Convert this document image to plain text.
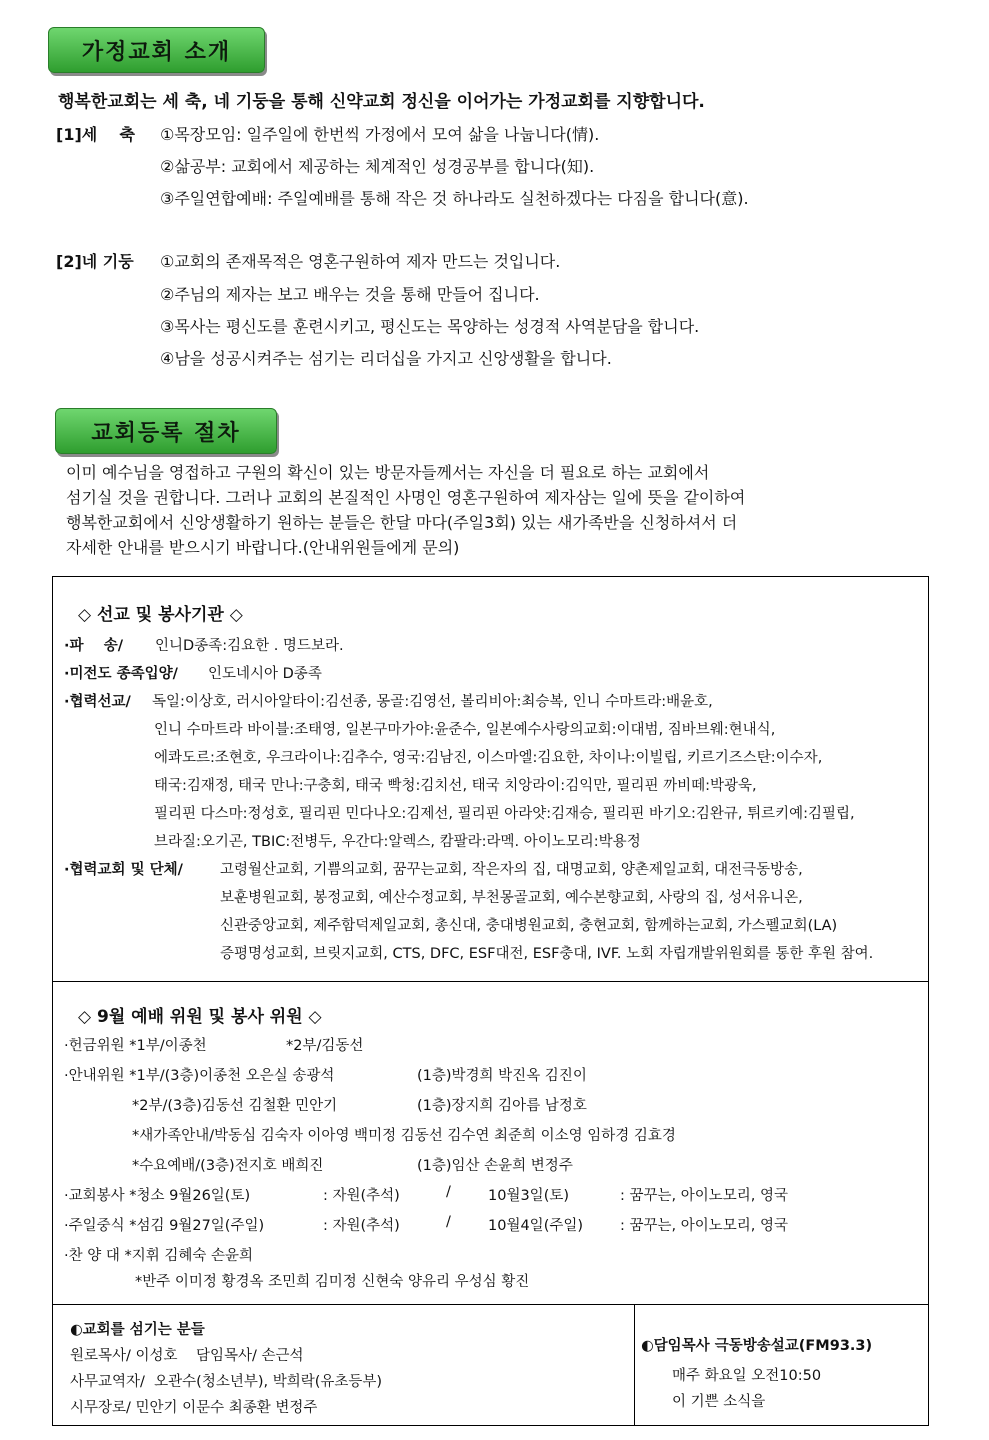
가정교회 소개
행복한교회는 세 축, 네 기둥을 통해 신약교회 정신을 이어가는 가정교회를 지향합니다.
[1]세    축 ①목장모임: 일주일에 한번씩 가정에서 모여 삶을 나눕니다(情).
②삶공부: 교회에서 제공하는 체계적인 성경공부를 합니다(知).
③주일연합예배: 주일예배를 통해 작은 것 하나라도 실천하겠다는 다짐을 합니다(意).
[2]네 기둥 ①교회의 존재목적은 영혼구원하여 제자 만드는 것입니다.
②주님의 제자는 보고 배우는 것을 통해 만들어 집니다.
③목사는 평신도를 훈련시키고, 평신도는 목양하는 성경적 사역분담을 합니다.
④남을 성공시켜주는 섬기는 리더십을 가지고 신앙생활을 합니다.
교회등록 절차
이미 예수님을 영접하고 구원의 확신이 있는 방문자들께서는 자신을 더 필요로 하는 교회에서
섬기실 것을 권합니다. 그러나 교회의 본질적인 사명인 영혼구원하여 제자삼는 일에 뜻을 같이하여
행복한교회에서 신앙생활하기 원하는 분들은 한달 마다(주일3회) 있는 새가족반을 신청하셔서 더
자세한 안내를 받으시기 바랍니다.(안내위원들에게 문의)
◇ 선교 및 봉사기관 ◇
·파    송/ 인니D종족:김요한 . 명드보라.
·미전도 종족입양/ 인도네시아 D종족
·협력선교/ 독일:이상호, 러시아알타이:김선종, 몽골:김영선, 볼리비아:최승복, 인니 수마트라:배윤호,
인니 수마트라 바이블:조태영, 일본구마가야:윤준수, 일본예수사랑의교회:이대범, 짐바브웨:현내식,
에콰도르:조현호, 우크라이나:김추수, 영국:김남진, 이스마엘:김요한, 차이나:이빌립, 키르기즈스탄:이수자,
태국:김재정, 태국 만나:구충회, 태국 빡청:김치선, 태국 치앙라이:김익만, 필리핀 까비떼:박광욱,
필리핀 다스마:정성호, 필리핀 민다나오:김제선, 필리핀 아라얏:김재승, 필리핀 바기오:김완규, 튀르키예:김필립,
브라질:오기곤, TBIC:전병두, 우간다:알렉스, 캄팔라:라멕. 아이노모리:박용정
·협력교회 및 단체/	고령월산교회, 기쁨의교회, 꿈꾸는교회, 작은자의 집, 대명교회, 양촌제일교회, 대전극동방송,
보훈병원교회, 봉정교회, 예산수정교회, 부천몽골교회, 예수본향교회, 사랑의 집, 성서유니온,
신관중앙교회, 제주함덕제일교회, 총신대, 충대병원교회, 충현교회, 함께하는교회, 가스펠교회(LA)
증평명성교회, 브릿지교회, CTS, DFC, ESF대전, ESF충대, IVF. 노회 자립개발위원회를 통한 후원 참여.
◇ 9월 예배 위원 및 봉사 위원 ◇
·헌금위원 *1부/이종천	*2부/김동선
·안내위원 *1부/(3층)이종천 오은실 송광석	(1층)박경희 박진옥 김진이
*2부/(3층)김동선 김철환 민안기	(1층)장지희 김아름 남정호
*새가족안내/박동심 김숙자 이아영 백미정 김동선 김수연 최준희 이소영 임하경 김효경
*수요예배/(3층)전지호 배희진	(1층)임산 손윤희 변정주
·교회봉사 *청소 9월26일(토)	: 자원(추석)	/	10월3일(토)	: 꿈꾸는, 아이노모리, 영국
·주일중식 *섬김 9월27일(주일)	: 자원(추석)	/	10월4일(주일)	: 꿈꾸는, 아이노모리, 영국
·찬 양 대 *지휘 김혜숙 손윤희
*반주 이미정 황경옥 조민희 김미정 신현숙 양유리 우성심 황진
◐교회를 섬기는 분들
원로목사/ 이성호    담임목사/ 손근석
사무교역자/  오관수(청소년부), 박희락(유초등부)
시무장로/ 민안기 이문수 최종환 변정주
◐담임목사 극동방송설교(FM93.3)
매주 화요일 오전10:50
이 기쁜 소식을
